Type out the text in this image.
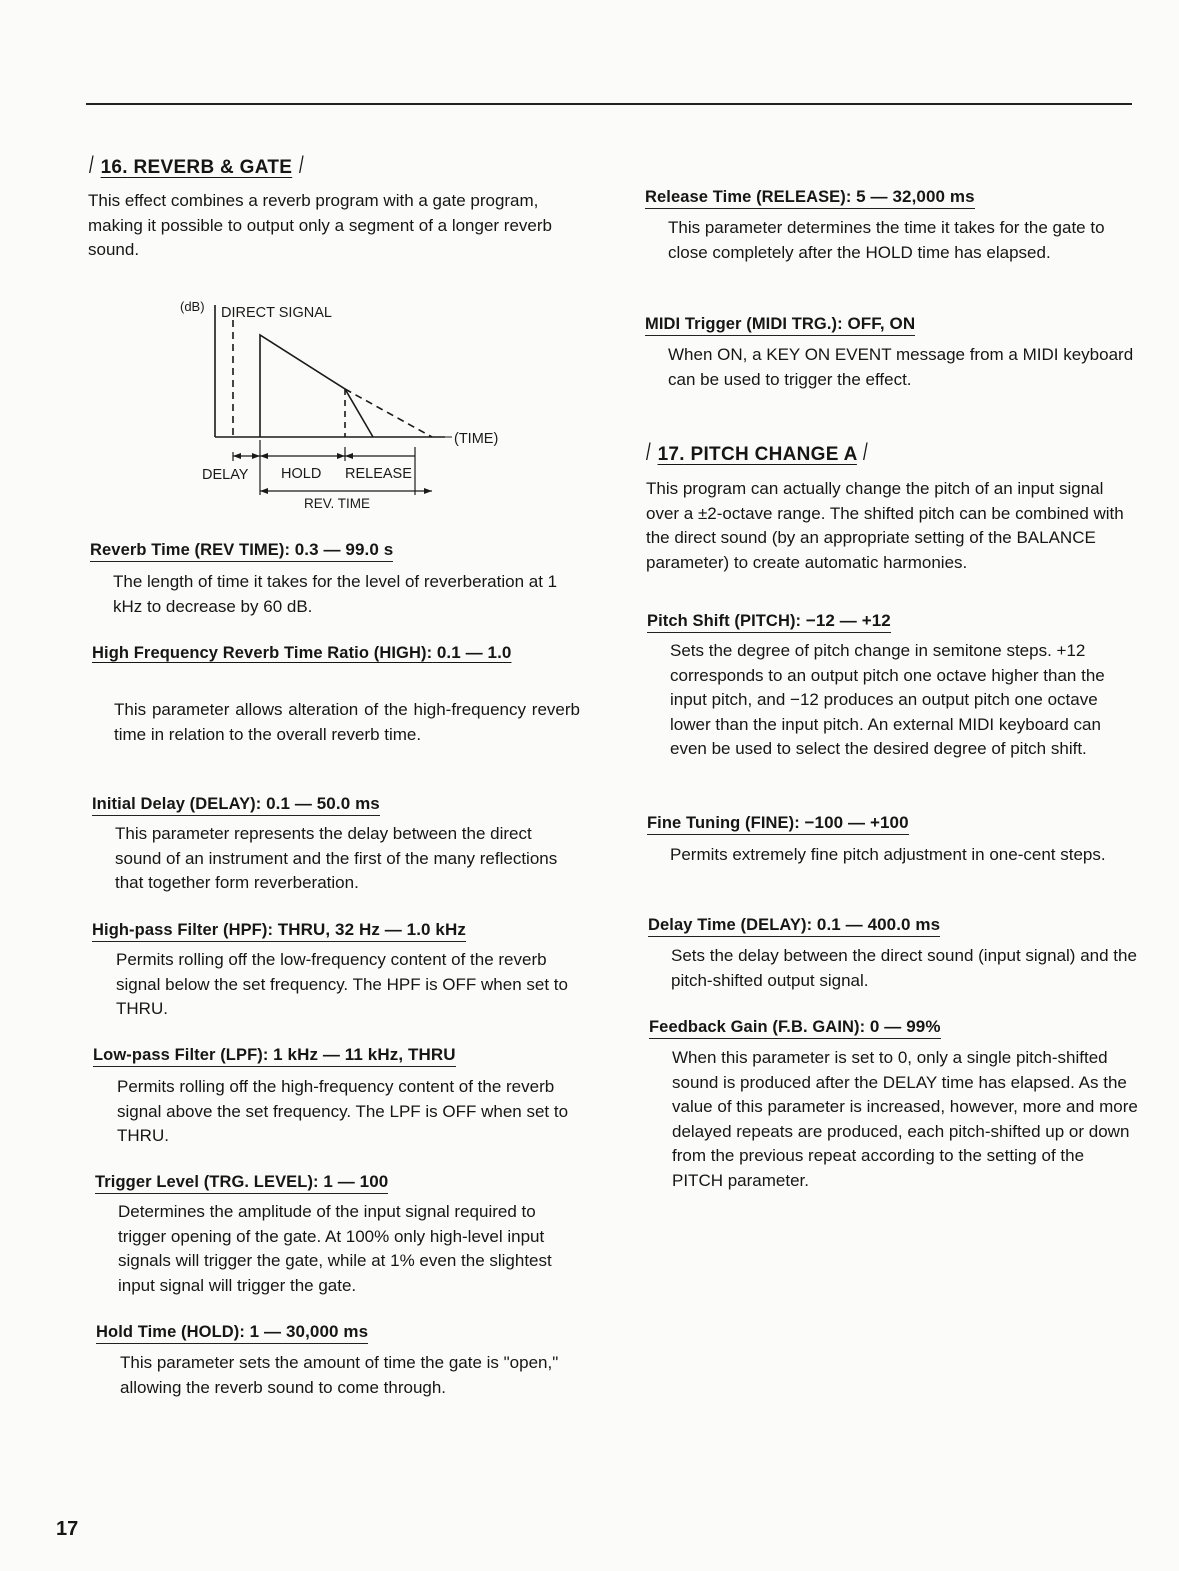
/ 16. REVERB & GATE /
This effect combines a reverb program with a gate program, making it possible to output only a segment of a longer reverb sound.
(dB) DIRECT SIGNAL
(TIME)
DELAY HOLD RELEASE
REV. TIME
Reverb Time (REV TIME): 0.3 — 99.0 s
The length of time it takes for the level of reverberation at 1 kHz to decrease by 60 dB.
High Frequency Reverb Time Ratio (HIGH): 0.1 — 1.0
This parameter allows alteration of the high-frequency reverb time in relation to the overall reverb time.
Initial Delay (DELAY): 0.1 — 50.0 ms
This parameter represents the delay between the direct sound of an instrument and the first of the many reflections that together form reverberation.
High-pass Filter (HPF): THRU, 32 Hz — 1.0 kHz
Permits rolling off the low-frequency content of the reverb signal below the set frequency. The HPF is OFF when set to THRU.
Low-pass Filter (LPF): 1 kHz — 11 kHz, THRU
Permits rolling off the high-frequency content of the reverb signal above the set frequency. The LPF is OFF when set to THRU.
Trigger Level (TRG. LEVEL): 1 — 100
Determines the amplitude of the input signal required to trigger opening of the gate. At 100% only high-level input signals will trigger the gate, while at 1% even the slightest input signal will trigger the gate.
Hold Time (HOLD): 1 — 30,000 ms
This parameter sets the amount of time the gate is "open," allowing the reverb sound to come through.
Release Time (RELEASE): 5 — 32,000 ms
This parameter determines the time it takes for the gate to close completely after the HOLD time has elapsed.
MIDI Trigger (MIDI TRG.): OFF, ON
When ON, a KEY ON EVENT message from a MIDI keyboard can be used to trigger the effect.
/ 17. PITCH CHANGE A /
This program can actually change the pitch of an input signal over a ±2-octave range. The shifted pitch can be combined with the direct sound (by an appropriate setting of the BALANCE parameter) to create automatic harmonies.
Pitch Shift (PITCH): −12 — +12
Sets the degree of pitch change in semitone steps. +12 corresponds to an output pitch one octave higher than the input pitch, and −12 produces an output pitch one octave lower than the input pitch. An external MIDI keyboard can even be used to select the desired degree of pitch shift.
Fine Tuning (FINE): −100 — +100
Permits extremely fine pitch adjustment in one-cent steps.
Delay Time (DELAY): 0.1 — 400.0 ms
Sets the delay between the direct sound (input signal) and the pitch-shifted output signal.
Feedback Gain (F.B. GAIN): 0 — 99%
When this parameter is set to 0, only a single pitch-shifted sound is produced after the DELAY time has elapsed. As the value of this parameter is increased, however, more and more delayed repeats are produced, each pitch-shifted up or down from the previous repeat according to the setting of the PITCH parameter.
17
